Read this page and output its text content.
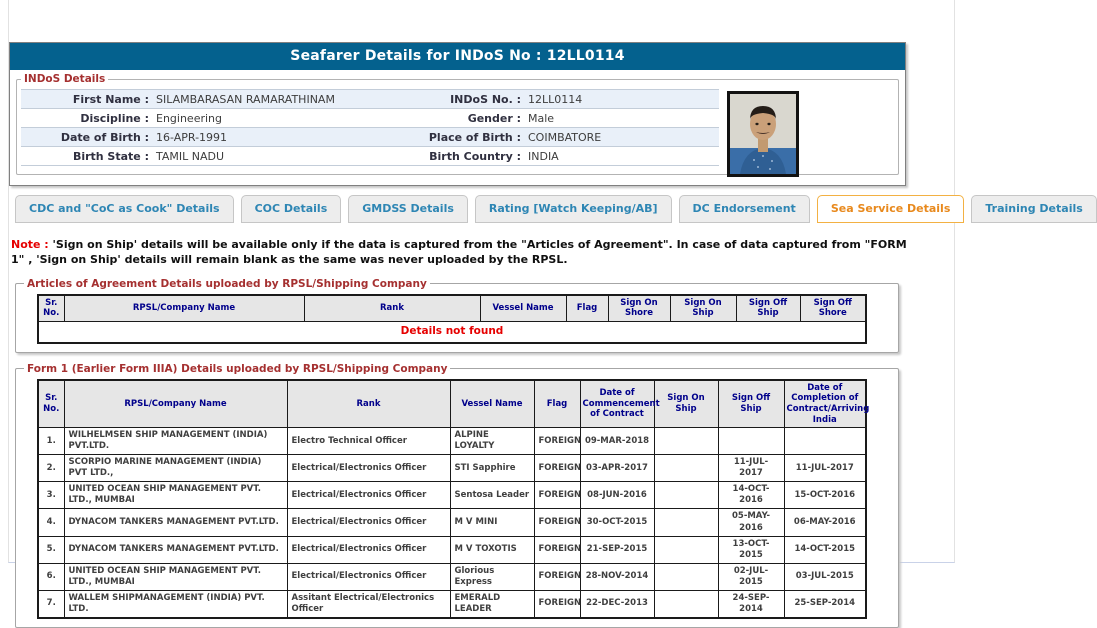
Seafarer Details for INDoS No : 12LL0114
INDoS Details
First Name : SILAMBARASAN RAMARATHINAM	INDoS No. : 12LL0114
Discipline : Engineering	Gender : Male
Date of Birth : 16-APR-1991	Place of Birth : COIMBATORE
Birth State : TAMIL NADU	Birth Country : INDIA
CDC and "CoC as Cook" Details	COC Details	GMDSS Details	Rating [Watch Keeping/AB]	DC Endorsement	Sea Service Details	Training Details
Note : 'Sign on Ship' details will be available only if the data is captured from the "Articles of Agreement". In case of data captured from "FORM 1" , 'Sign on Ship' details will remain blank as the same was never uploaded by the RPSL.
Articles of Agreement Details uploaded by RPSL/Shipping Company
Sr. No.	RPSL/Company Name	Rank	Vessel Name	Flag	Sign On Shore	Sign On Ship	Sign Off Ship	Sign Off Shore
Details not found
Form 1 (Earlier Form IIIA) Details uploaded by RPSL/Shipping Company
Sr. No.	RPSL/Company Name	Rank	Vessel Name	Flag	Date of Commencement of Contract	Sign On Ship	Sign Off Ship	Date of Completion of Contract/Arriving India
1.	WILHELMSEN SHIP MANAGEMENT (INDIA) PVT.LTD.	Electro Technical Officer	ALPINE LOYALTY	FOREIGN	09-MAR-2018			
2.	SCORPIO MARINE MANAGEMENT (INDIA) PVT LTD.,	Electrical/Electronics Officer	STI Sapphire	FOREIGN	03-APR-2017		11-JUL-2017	11-JUL-2017
3.	UNITED OCEAN SHIP MANAGEMENT PVT. LTD., MUMBAI	Electrical/Electronics Officer	Sentosa Leader	FOREIGN	08-JUN-2016		14-OCT-2016	15-OCT-2016
4.	DYNACOM TANKERS MANAGEMENT PVT.LTD.	Electrical/Electronics Officer	M V MINI	FOREIGN	30-OCT-2015		05-MAY-2016	06-MAY-2016
5.	DYNACOM TANKERS MANAGEMENT PVT.LTD.	Electrical/Electronics Officer	M V TOXOTIS	FOREIGN	21-SEP-2015		13-OCT-2015	14-OCT-2015
6.	UNITED OCEAN SHIP MANAGEMENT PVT. LTD., MUMBAI	Electrical/Electronics Officer	Glorious Express	FOREIGN	28-NOV-2014		02-JUL-2015	03-JUL-2015
7.	WALLEM SHIPMANAGEMENT (INDIA) PVT. LTD.	Assitant Electrical/Electronics Officer	EMERALD LEADER	FOREIGN	22-DEC-2013		24-SEP-2014	25-SEP-2014
